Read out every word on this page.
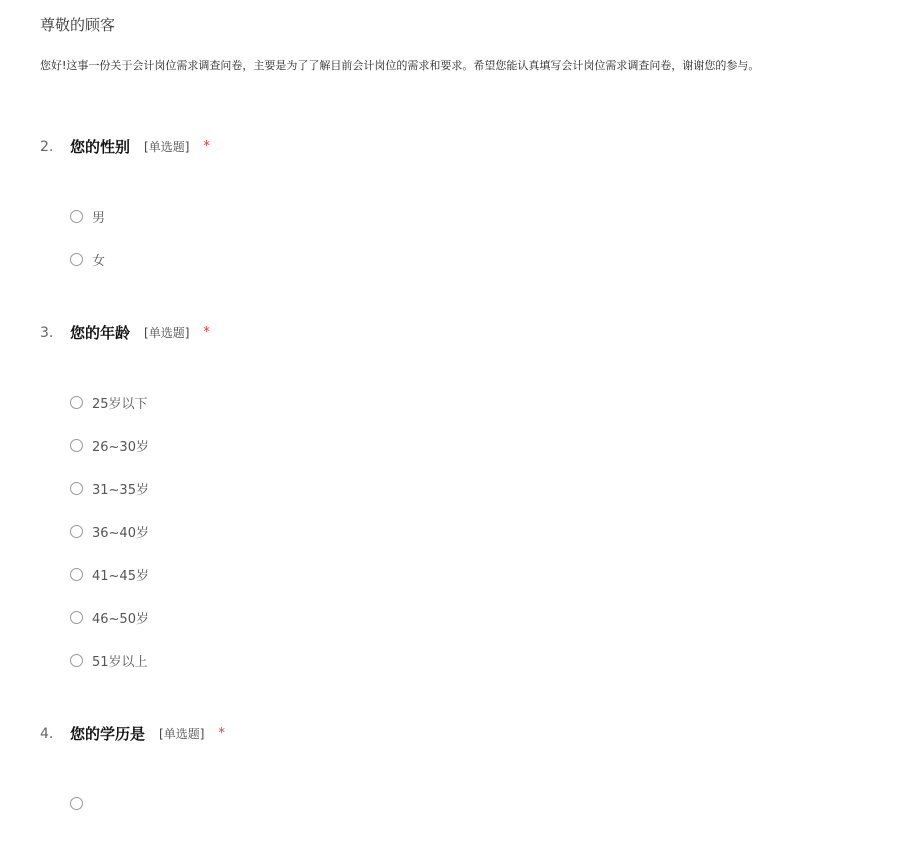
尊敬的顾客
您好!这事一份关于会计岗位需求调查问卷，主要是为了了解目前会计岗位的需求和要求。希望您能认真填写会计岗位需求调查问卷，谢谢您的参与。
2. 您的性别 [单选题] *
男
女
3. 您的年龄 [单选题] *
25岁以下
26~30岁
31~35岁
36~40岁
41~45岁
46~50岁
51岁以上
4. 您的学历是 [单选题] *
